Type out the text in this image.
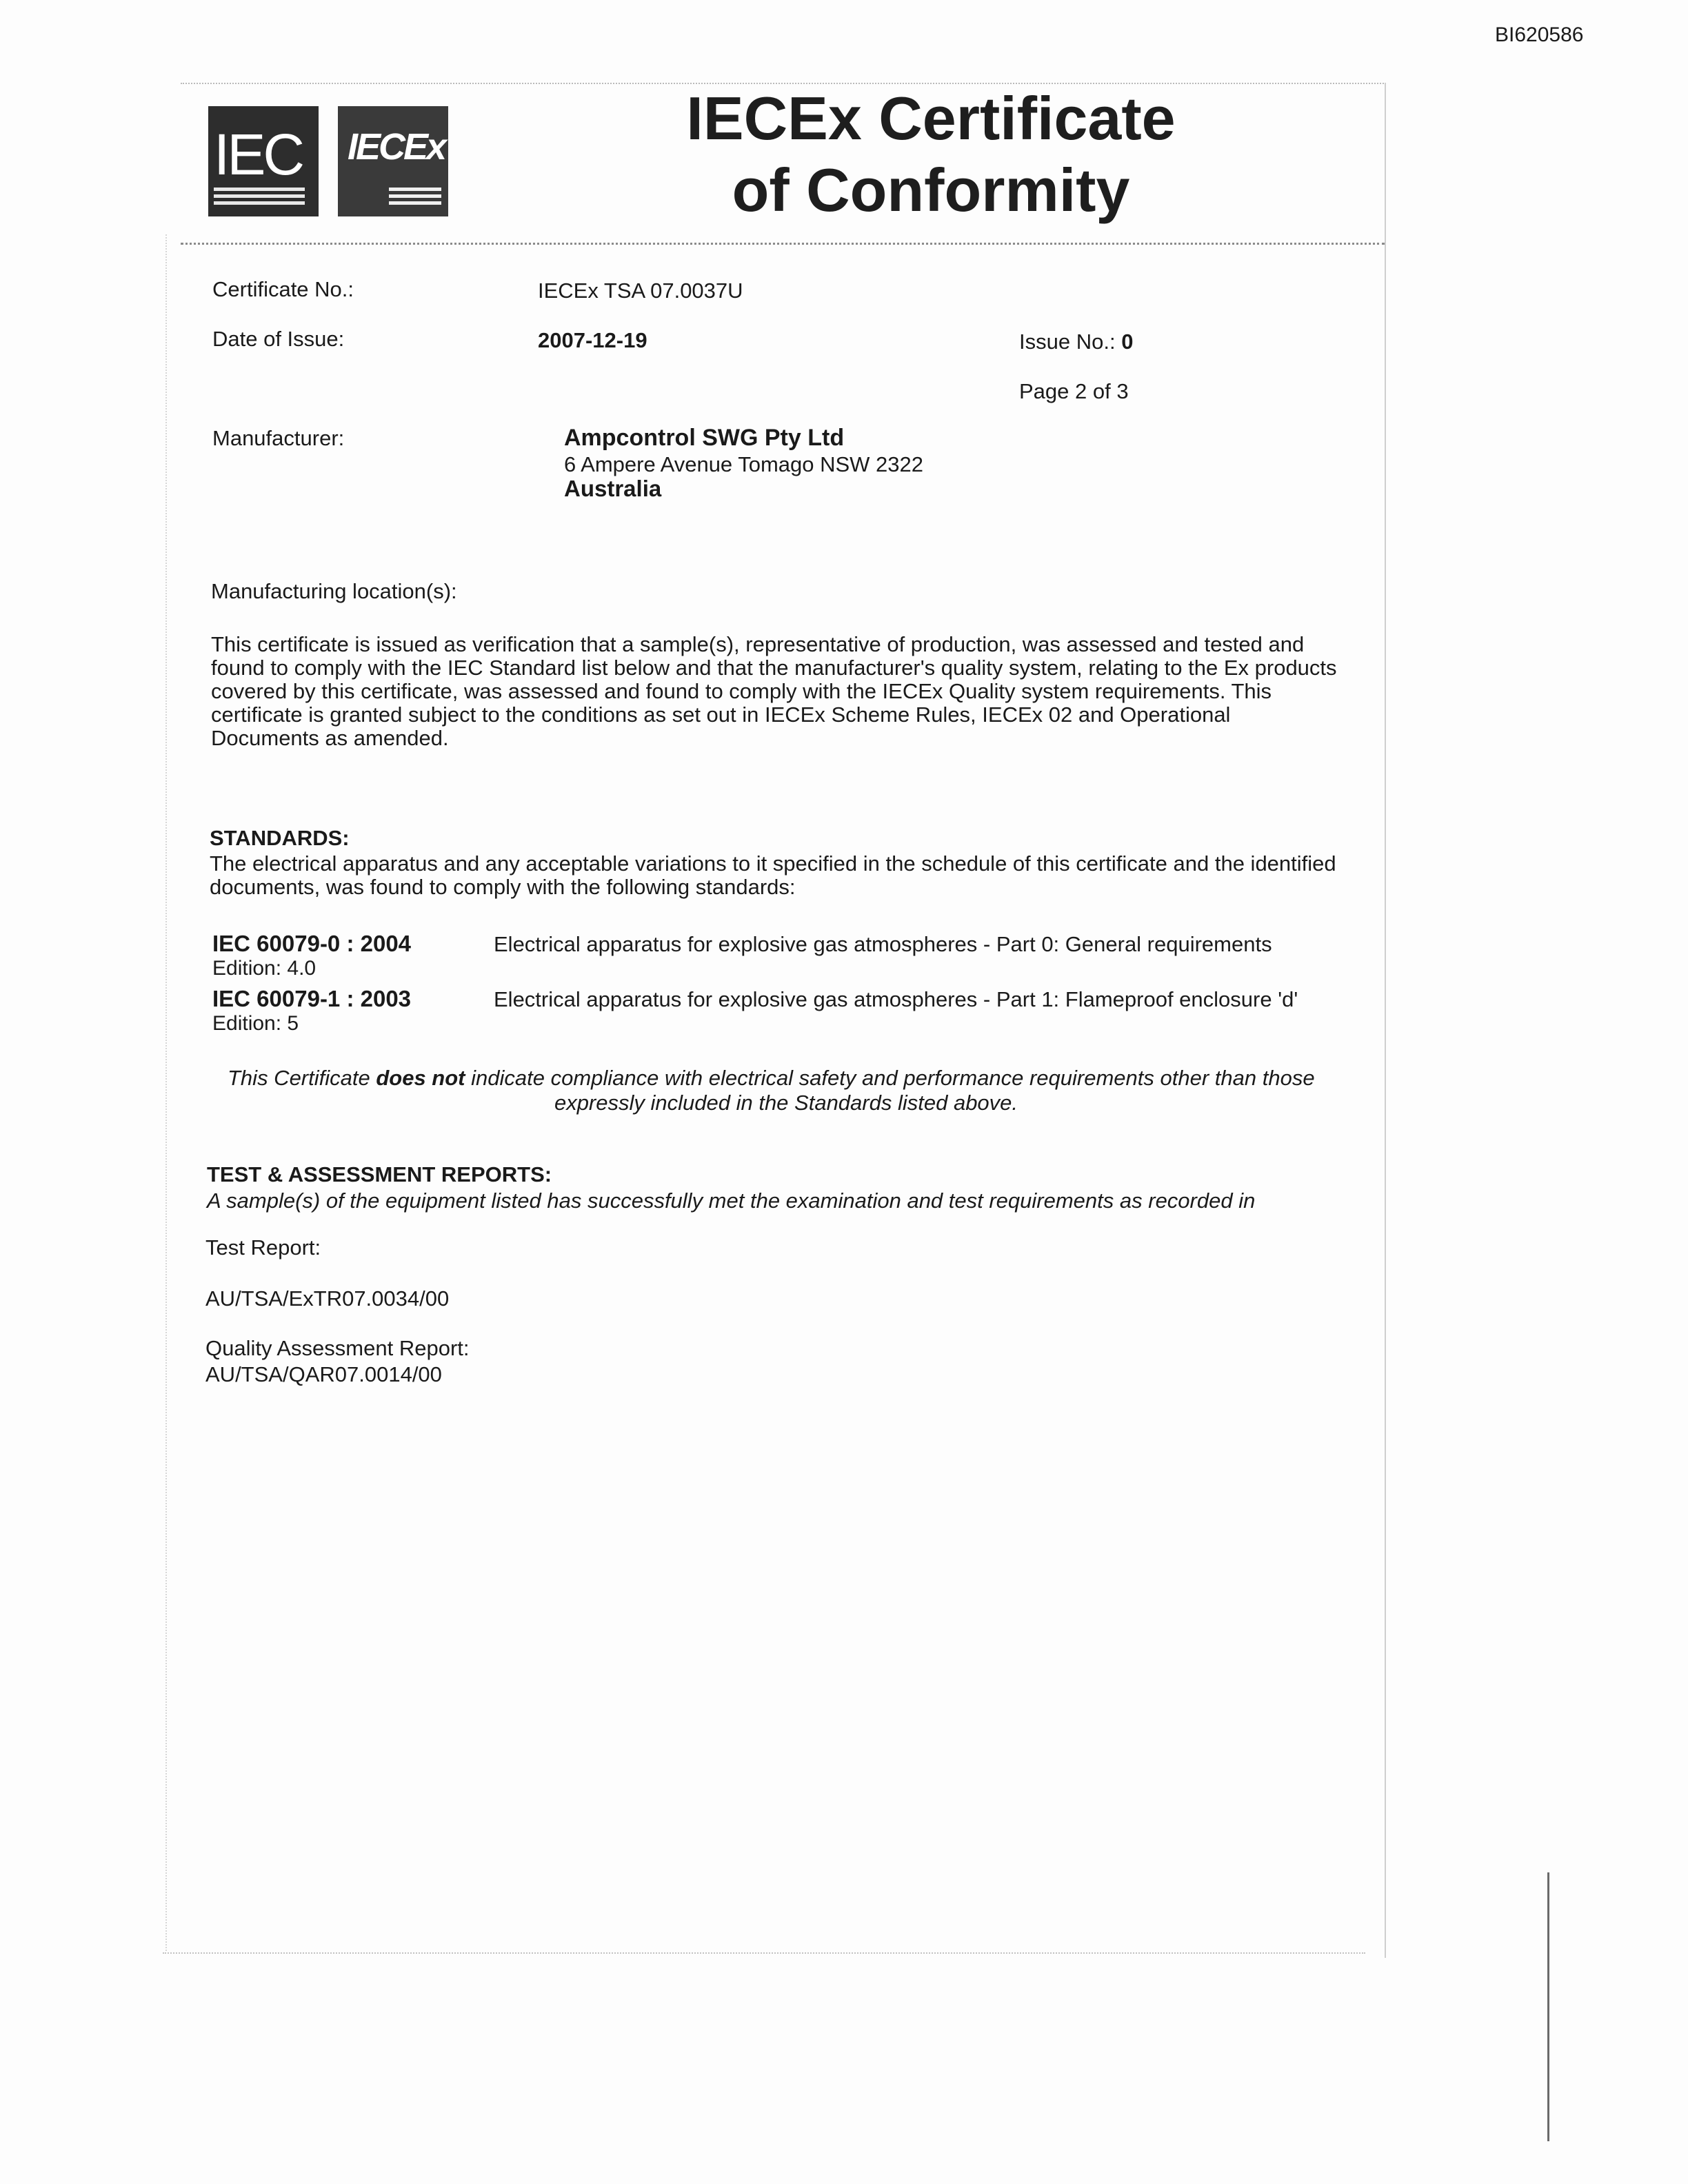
BI620586
IEC IECEx	IECEx Certificate
of Conformity
Certificate No.:	IECEx TSA 07.0037U
Date of Issue:	2007-12-19	Issue No.: 0
Page 2 of 3
Manufacturer:	Ampcontrol SWG Pty Ltd
6 Ampere Avenue Tomago NSW 2322
Australia
Manufacturing location(s):
This certificate is issued as verification that a sample(s), representative of production, was assessed and tested and
found to comply with the IEC Standard list below and that the manufacturer's quality system, relating to the Ex products
covered by this certificate, was assessed and found to comply with the IECEx Quality system requirements. This
certificate is granted subject to the conditions as set out in IECEx Scheme Rules, IECEx 02 and Operational
Documents as amended.
STANDARDS:
The electrical apparatus and any acceptable variations to it specified in the schedule of this certificate and the identified
documents, was found to comply with the following standards:
IEC 60079-0 : 2004	Electrical apparatus for explosive gas atmospheres - Part 0: General requirements
Edition: 4.0
IEC 60079-1 : 2003	Electrical apparatus for explosive gas atmospheres - Part 1: Flameproof enclosure 'd'
Edition: 5
This Certificate does not indicate compliance with electrical safety and performance requirements other than those
expressly included in the Standards listed above.
TEST & ASSESSMENT REPORTS:
A sample(s) of the equipment listed has successfully met the examination and test requirements as recorded in
Test Report:
AU/TSA/ExTR07.0034/00
Quality Assessment Report:
AU/TSA/QAR07.0014/00
